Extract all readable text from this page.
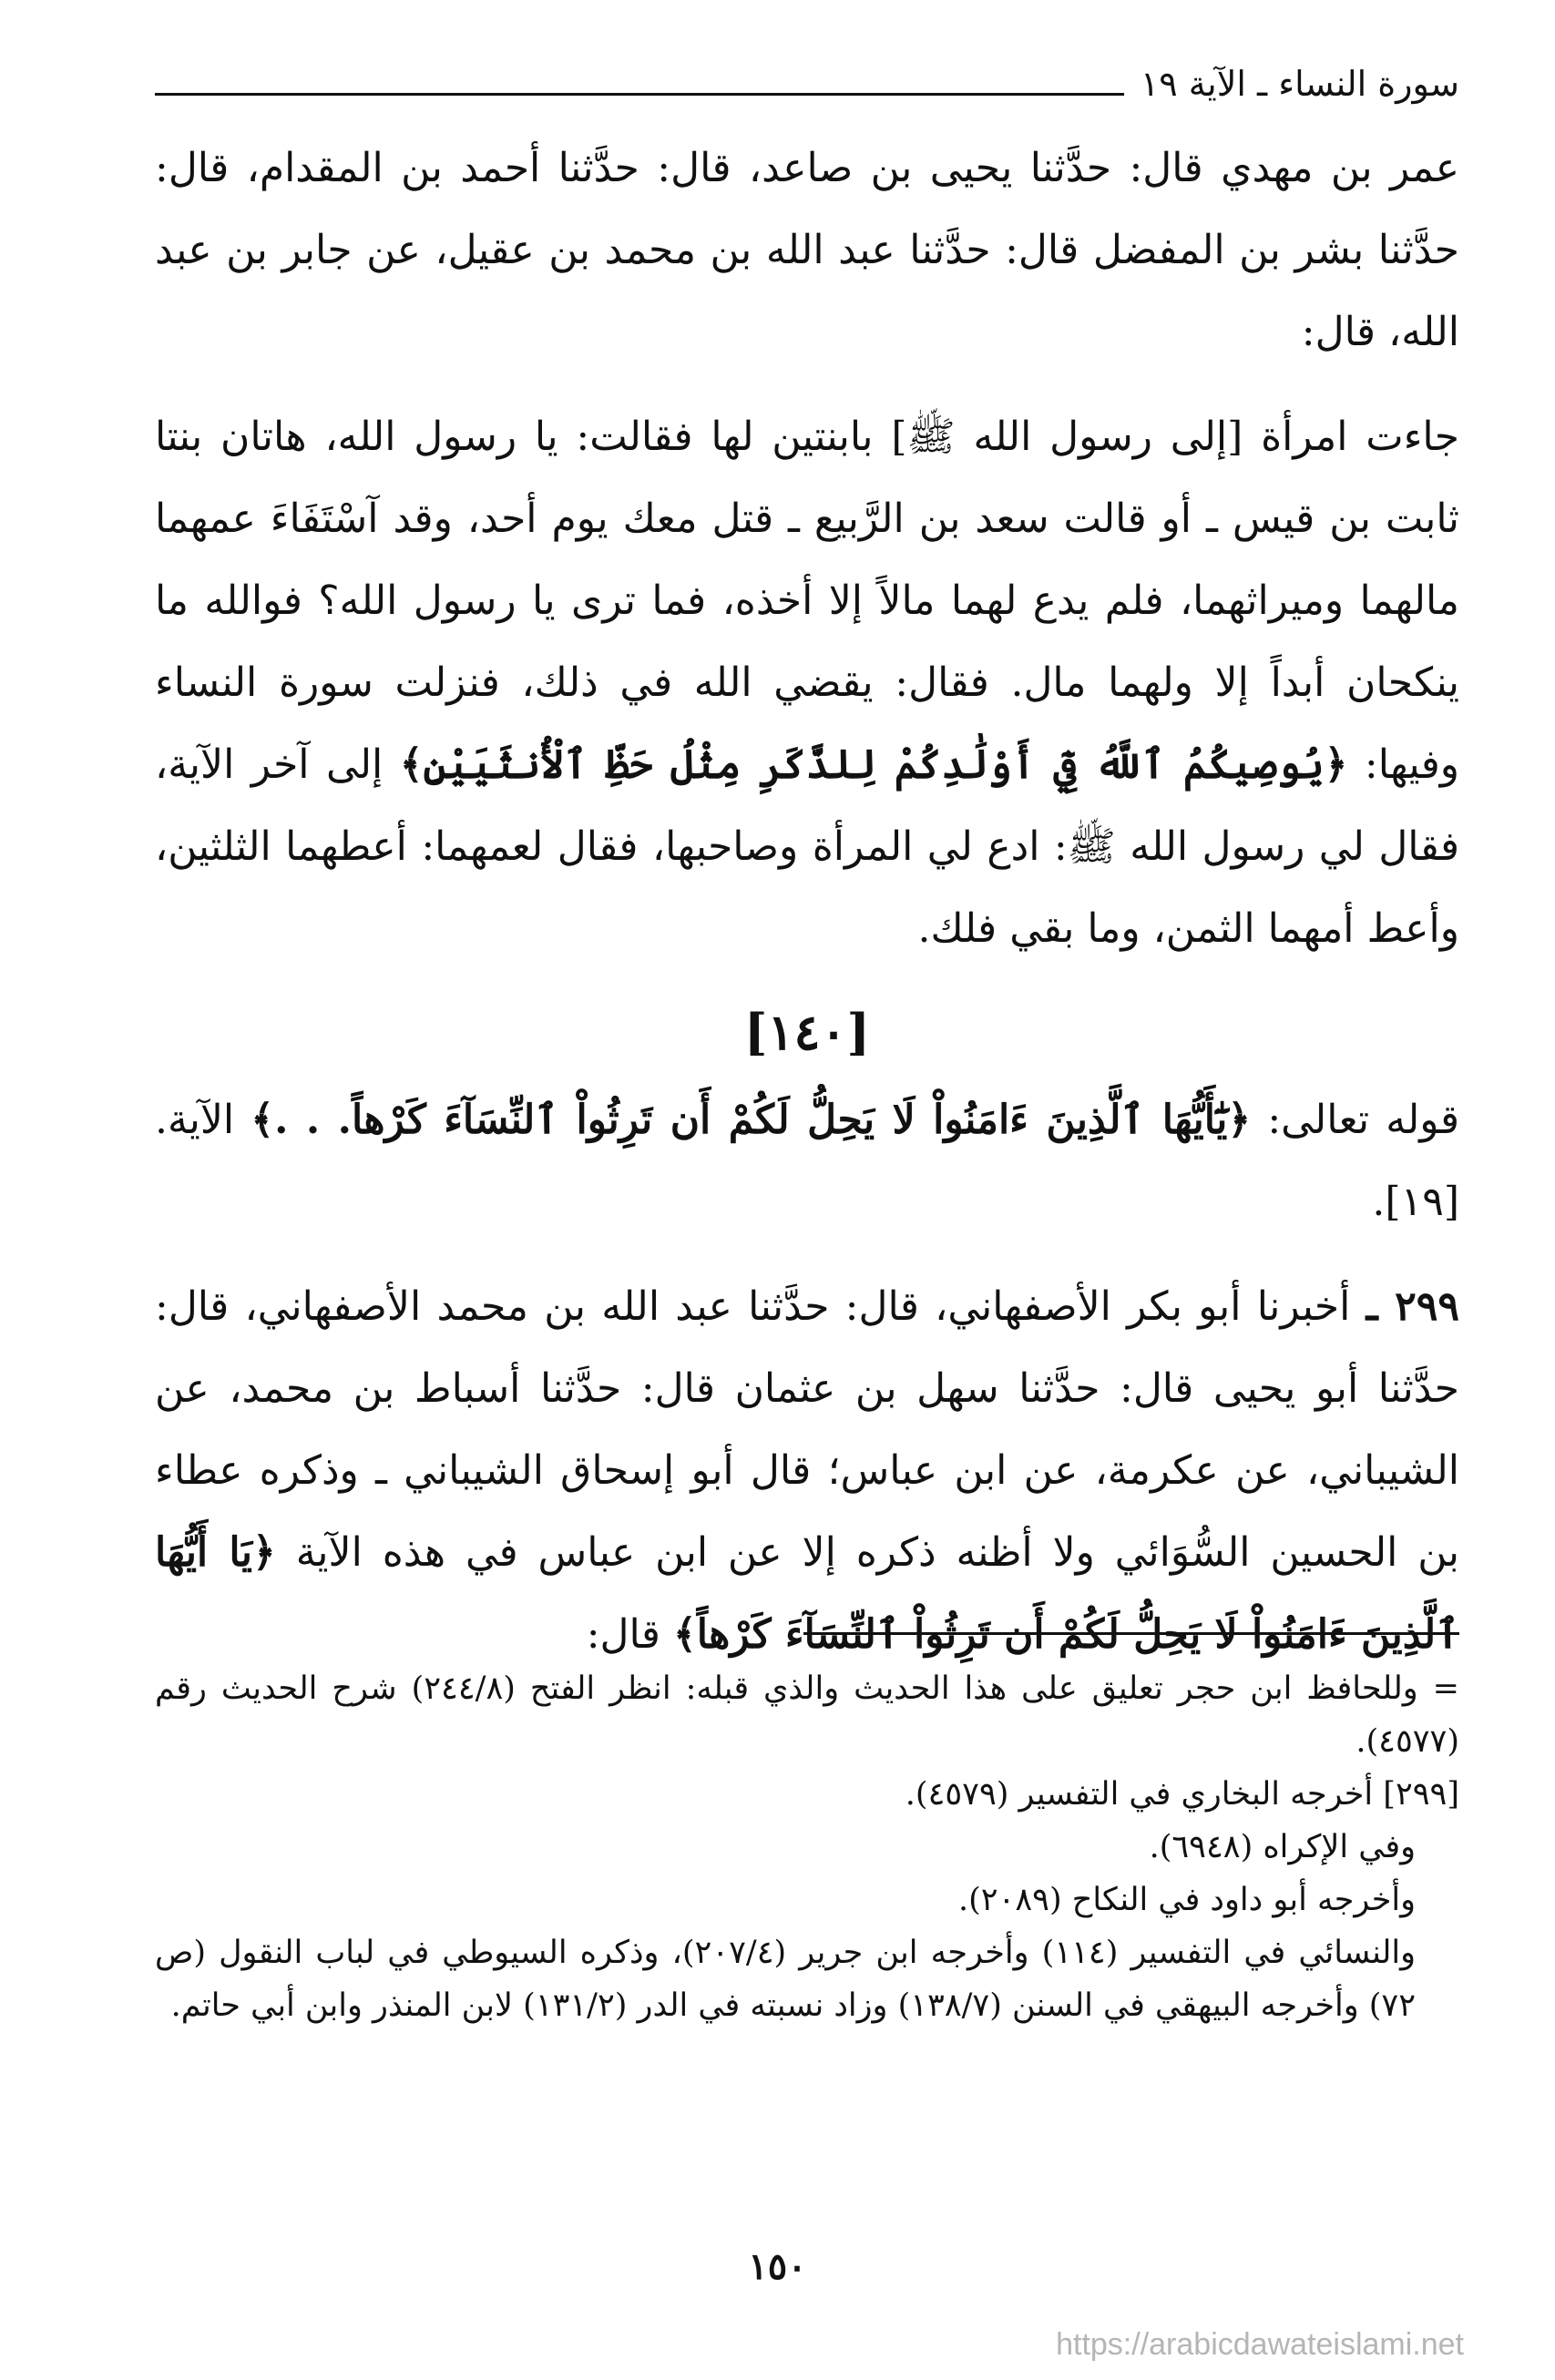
سورة النساء ـ الآية ١٩

عمر بن مهدي قال: حدَّثنا يحيى بن صاعد، قال: حدَّثنا أحمد بن المقدام، قال: حدَّثنا بشر بن المفضل قال: حدَّثنا عبد الله بن محمد بن عقيل، عن جابر بن عبد الله، قال:

جاءت امرأة [إلى رسول الله ﷺ] بابنتين لها فقالت: يا رسول الله، هاتان بنتا ثابت بن قيس ـ أو قالت سعد بن الرَّبيع ـ قتل معك يوم أحد، وقد آسْتَفَاءَ عمهما مالهما وميراثهما، فلم يدع لهما مالاً إلا أخذه، فما ترى يا رسول الله؟ فوالله ما ينكحان أبداً إلا ولهما مال. فقال: يقضي الله في ذلك، فنزلت سورة النساء وفيها: ﴿يُوصِيكُمُ ٱللَّهُ فِيٓ أَوْلَٰدِكُمْ لِلذَّكَرِ مِثْلُ حَظِّ ٱلْأُنثَيَيْنِ﴾ إلى آخر الآية، فقال لي رسول الله ﷺ: ادع لي المرأة وصاحبها، فقال لعمهما: أعطهما الثلثين، وأعط أمهما الثمن، وما بقي فلك.

[١٤٠]

قوله تعالى: ﴿يَٰٓأَيُّهَا ٱلَّذِينَ ءَامَنُواْ لَا يَحِلُّ لَكُمْ أَن تَرِثُواْ ٱلنِّسَآءَ كَرْهاً. . .﴾ الآية. [١٩].

٢٩٩ ـ أخبرنا أبو بكر الأصفهاني، قال: حدَّثنا عبد الله بن محمد الأصفهاني، قال: حدَّثنا أبو يحيى قال: حدَّثنا سهل بن عثمان قال: حدَّثنا أسباط بن محمد، عن الشيباني، عن عكرمة، عن ابن عباس؛ قال أبو إسحاق الشيباني ـ وذكره عطاء بن الحسين السُّوَائي ولا أظنه ذكره إلا عن ابن عباس في هذه الآية ﴿يَا أَيُّهَا ٱلَّذِينَ ءَامَنُواْ لَا يَحِلُّ لَكُمْ أَن تَرِثُواْ ٱلنِّسَآءَ كَرْهاً﴾ قال:

= وللحافظ ابن حجر تعليق على هذا الحديث والذي قبله: انظر الفتح (٢٤٤/٨) شرح الحديث رقم (٤٥٧٧).

[٢٩٩] أخرجه البخاري في التفسير (٤٥٧٩).

وفي الإكراه (٦٩٤٨).

وأخرجه أبو داود في النكاح (٢٠٨٩).

والنسائي في التفسير (١١٤) وأخرجه ابن جرير (٢٠٧/٤)، وذكره السيوطي في لباب النقول (ص ٧٢) وأخرجه البيهقي في السنن (١٣٨/٧) وزاد نسبته في الدر (١٣١/٢) لابن المنذر وابن أبي حاتم.

١٥٠
https://arabicdawateislami.net
